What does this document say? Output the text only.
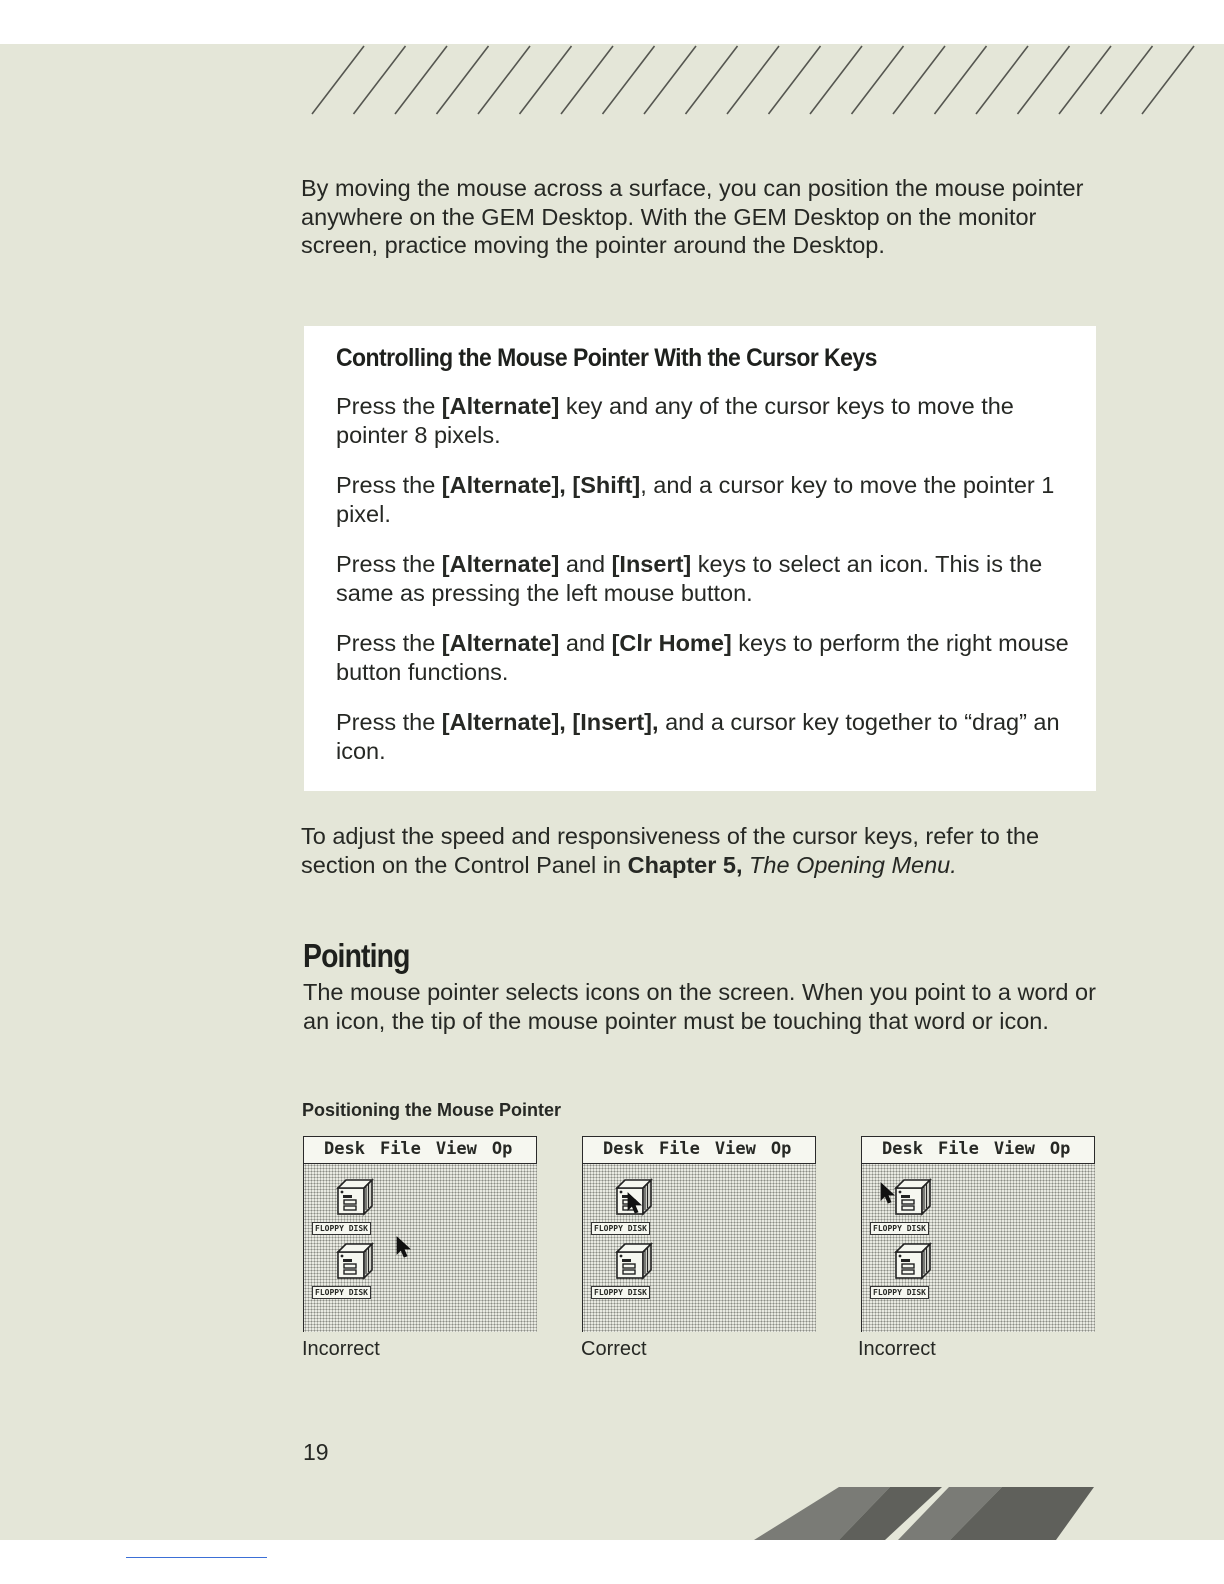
By moving the mouse across a surface, you can position the mouse pointer anywhere on the GEM Desktop. With the GEM Desktop on the monitor screen, practice moving the pointer around the Desktop.

Controlling the Mouse Pointer With the Cursor Keys

Press the [Alternate] key and any of the cursor keys to move the pointer 8 pixels.

Press the [Alternate], [Shift], and a cursor key to move the pointer 1 pixel.

Press the [Alternate] and [Insert] keys to select an icon. This is the same as pressing the left mouse button.

Press the [Alternate] and [Clr Home] keys to perform the right mouse button functions.

Press the [Alternate], [Insert], and a cursor key together to “drag” an icon.

To adjust the speed and responsiveness of the cursor keys, refer to the section on the Control Panel in Chapter 5, The Opening Menu.

Pointing

The mouse pointer selects icons on the screen. When you point to a word or an icon, the tip of the mouse pointer must be touching that word or icon.

Positioning the Mouse Pointer

Desk File View Op
FLOPPY DISK
FLOPPY DISK

Incorrect

Desk File View Op
FLOPPY DISK
FLOPPY DISK

Correct

Desk File View Op
FLOPPY DISK
FLOPPY DISK

Incorrect

19
